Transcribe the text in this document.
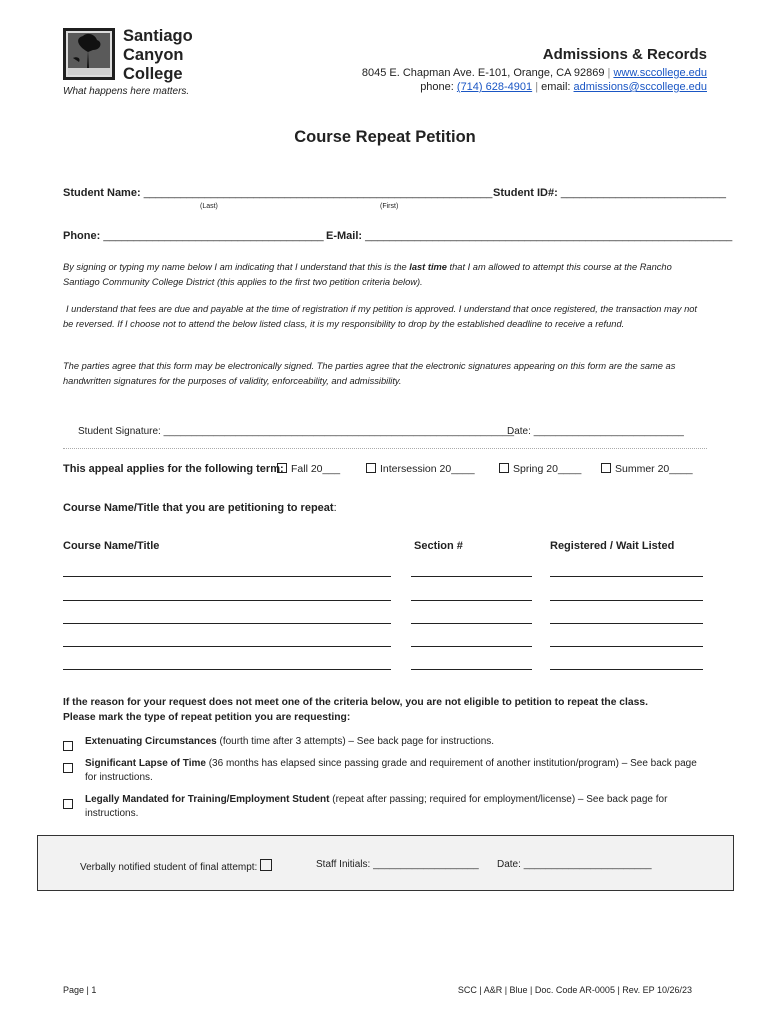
Santiago
Canyon
College
What happens here matters.
Admissions & Records
8045 E. Chapman Ave. E-101, Orange, CA 92869 | www.sccollege.edu
phone: (714) 628-4901 | email: admissions@sccollege.edu
Course Repeat Petition
Student Name: _________________________________________________________
(Last)	(First)
Student ID#: ___________________________
Phone: ____________________________________ E-Mail: ____________________________________________________________
By signing or typing my name below I am indicating that I understand that this is the last time that I am allowed to attempt this course at the Rancho Santiago Community College District (this applies to the first two petition criteria below).
I understand that fees are due and payable at the time of registration if my petition is approved. I understand that once registered, the transaction may not be reversed. If I choose not to attend the below listed class, it is my responsibility to drop by the established deadline to receive a refund.
The parties agree that this form may be electronically signed. The parties agree that the electronic signatures appearing on this form are the same as handwritten signatures for the purposes of validity, enforceability, and admissibility.
Student Signature: _______________________________________________________________
Date: ___________________________
This appeal applies for the following term: Fall 20___	Intersession 20____	Spring 20____	Summer 20____
Course Name/Title that you are petitioning to repeat:
Course Name/Title	Section #	Registered / Wait Listed
If the reason for your request does not meet one of the criteria below, you are not eligible to petition to repeat the class.
Please mark the type of repeat petition you are requesting:
Extenuating Circumstances (fourth time after 3 attempts) – See back page for instructions.
Significant Lapse of Time (36 months has elapsed since passing grade and requirement of another institution/program) – See back page for instructions.
Legally Mandated for Training/Employment Student (repeat after passing; required for employment/license) – See back page for instructions.
Verbally notified student of final attempt:	Staff Initials: ___________________ Date: _______________________
Page | 1	SCC | A&R | Blue | Doc. Code AR-0005 | Rev. EP 10/26/23
